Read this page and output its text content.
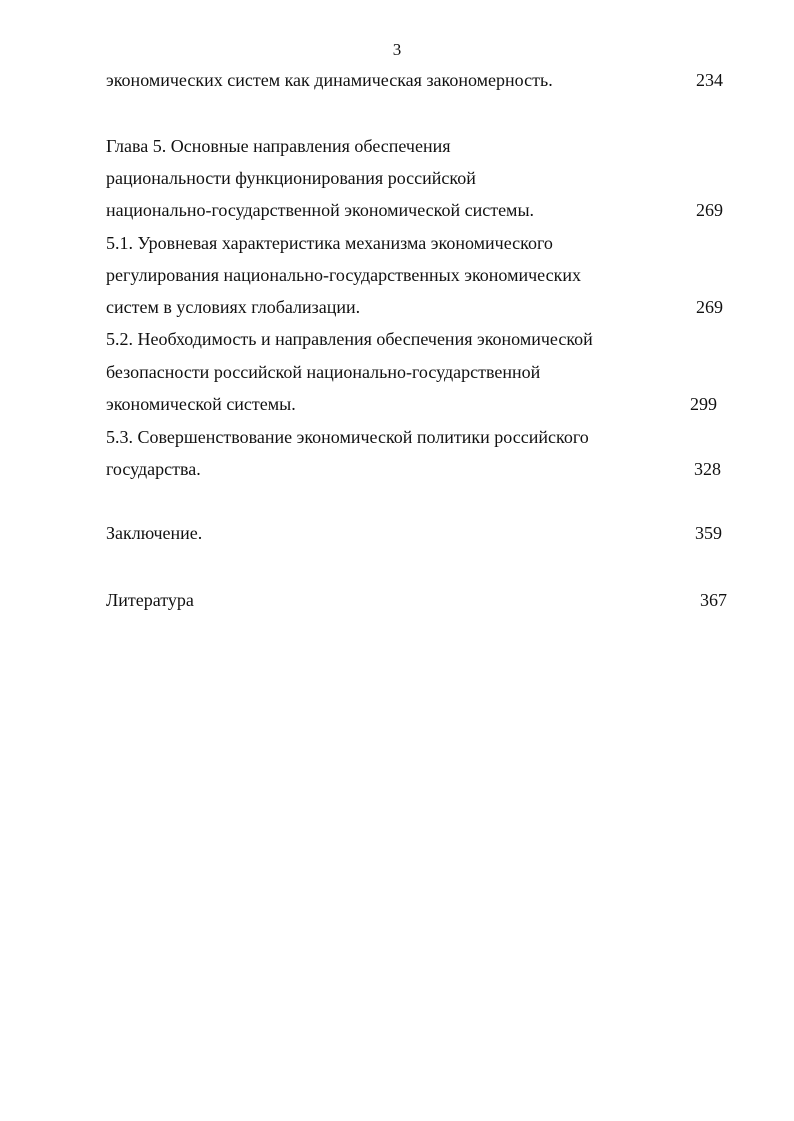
3
экономических систем как динамическая закономерность.	234
Глава 5. Основные направления обеспечения
рациональности функционирования российской
национально-государственной экономической системы.	269
5.1. Уровневая характеристика механизма экономического
регулирования национально-государственных экономических
систем в условиях глобализации.	269
5.2. Необходимость и направления обеспечения экономической
безопасности российской национально-государственной
экономической системы.	299
5.3. Совершенствование экономической политики российского
государства.	328
Заключение.	359
Литература	367
